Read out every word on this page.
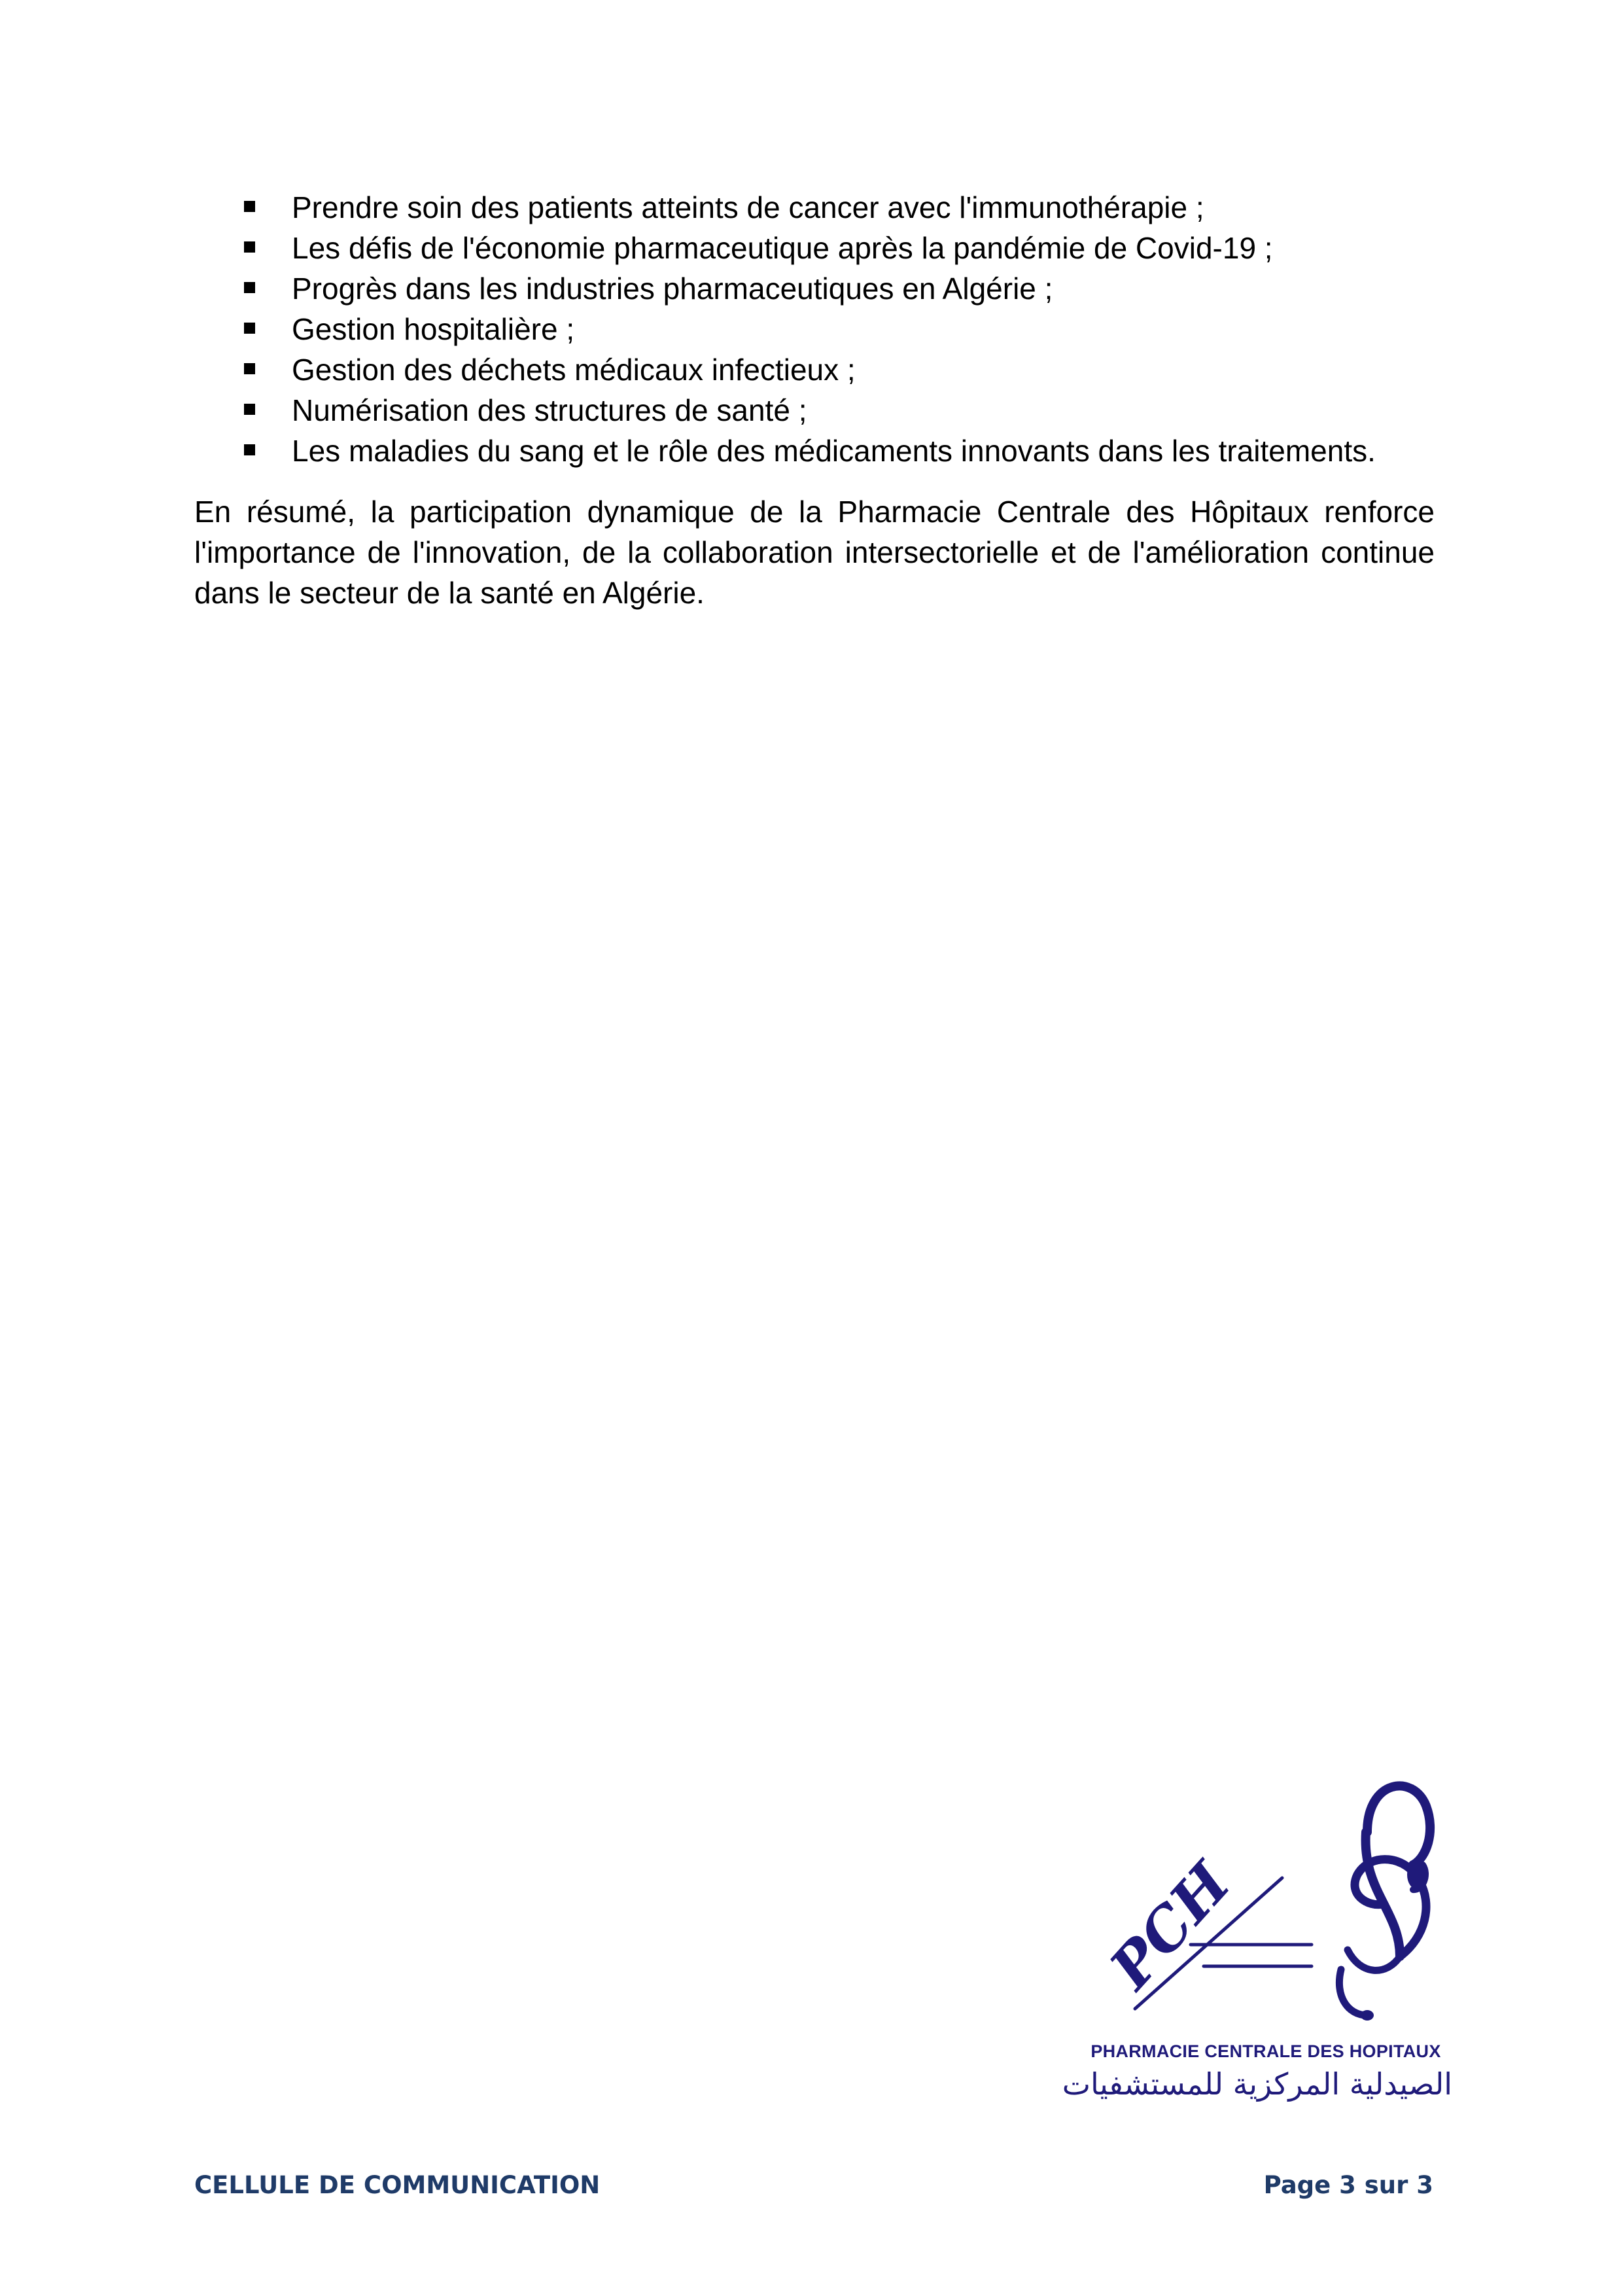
Prendre soin des patients atteints de cancer avec l'immunothérapie ;
Les défis de l'économie pharmaceutique après la pandémie de Covid-19 ;
Progrès dans les industries pharmaceutiques en Algérie ;
Gestion hospitalière ;
Gestion des déchets médicaux infectieux ;
Numérisation des structures de santé ;
Les maladies du sang et le rôle des médicaments innovants dans les traitements.

En résumé, la participation dynamique de la Pharmacie Centrale des Hôpitaux renforce l'importance de l'innovation, de la collaboration intersectorielle et de l'amélioration continue dans le secteur de la santé en Algérie.

PCH
PHARMACIE CENTRALE DES HOPITAUX
الصيدلية المركزية للمستشفيات
CELLULE DE COMMUNICATION	Page 3 sur 3
